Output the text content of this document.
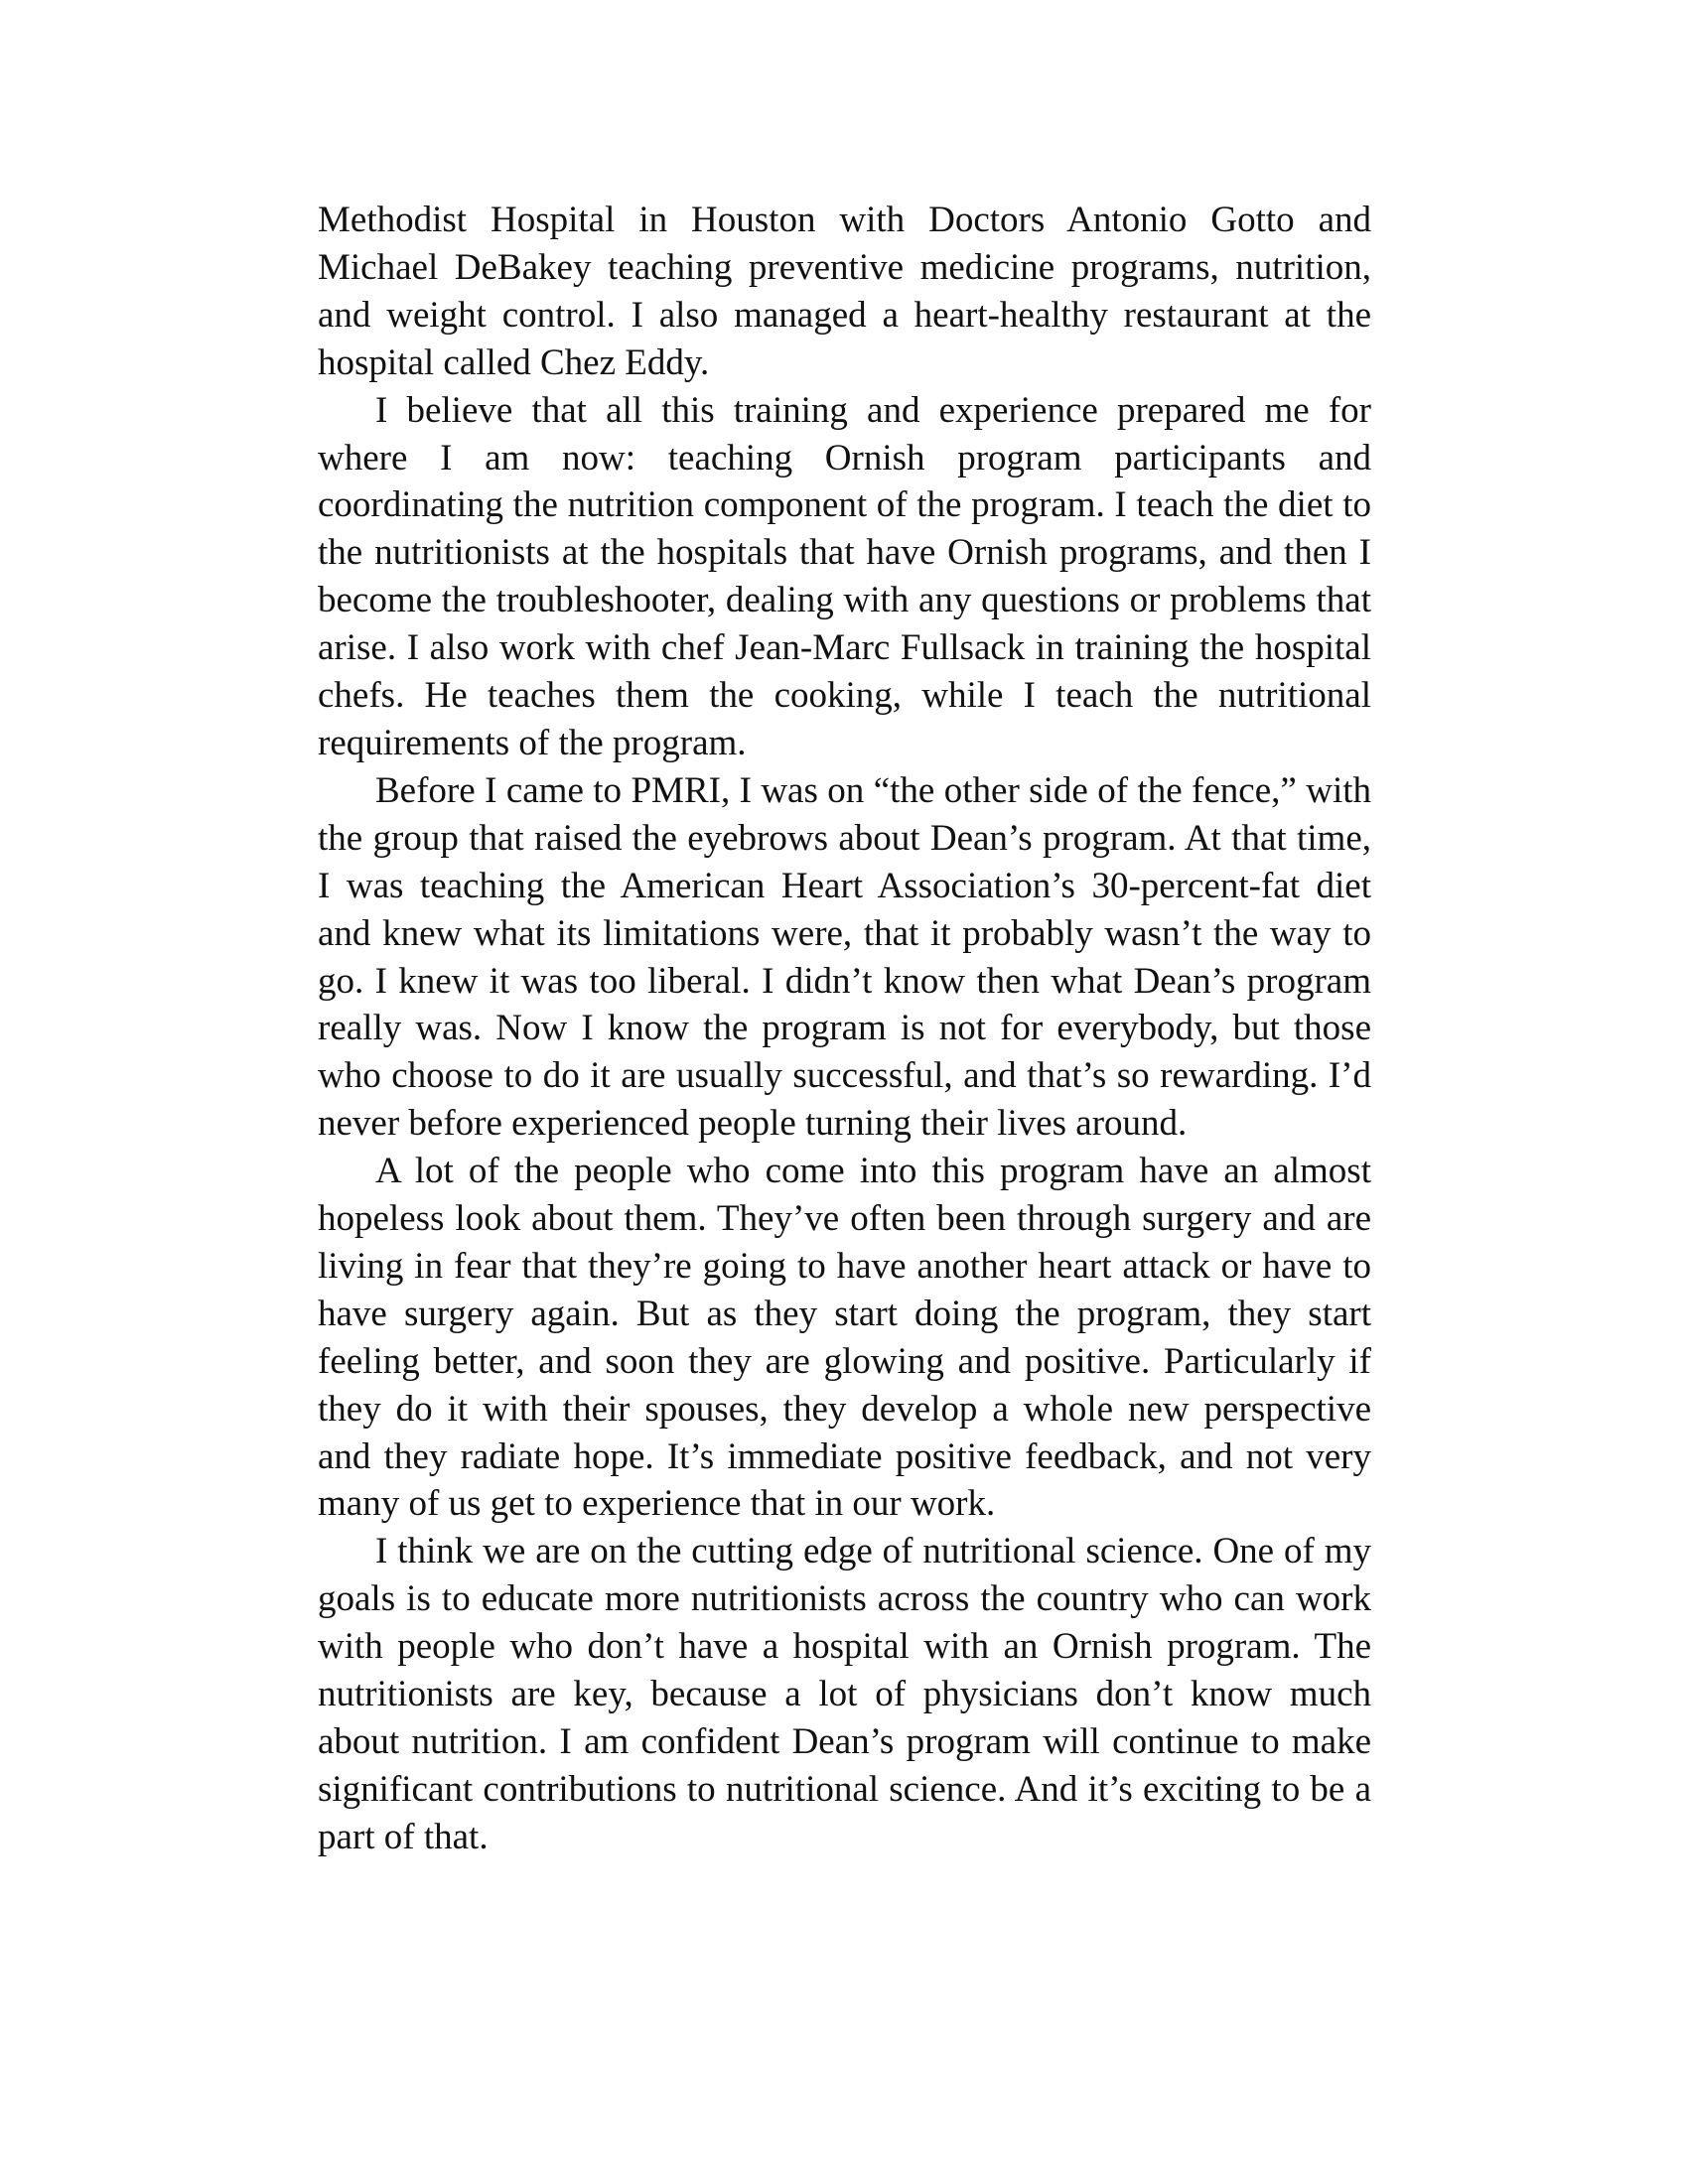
Methodist Hospital in Houston with Doctors Antonio Gotto and Michael DeBakey teaching preventive medicine programs, nutrition, and weight control. I also managed a heart-healthy restaurant at the hospital called Chez Eddy.

I believe that all this training and experience prepared me for where I am now: teaching Ornish program participants and coordinating the nutrition component of the program. I teach the diet to the nutritionists at the hospitals that have Ornish programs, and then I become the troubleshooter, dealing with any questions or problems that arise. I also work with chef Jean-Marc Fullsack in training the hospital chefs. He teaches them the cooking, while I teach the nutritional requirements of the program.

Before I came to PMRI, I was on “the other side of the fence,” with the group that raised the eyebrows about Dean’s program. At that time, I was teaching the American Heart Association’s 30-percent-fat diet and knew what its limitations were, that it probably wasn’t the way to go. I knew it was too liberal. I didn’t know then what Dean’s program really was. Now I know the program is not for everybody, but those who choose to do it are usually successful, and that’s so rewarding. I’d never before experienced people turning their lives around.

A lot of the people who come into this program have an almost hopeless look about them. They’ve often been through surgery and are living in fear that they’re going to have another heart attack or have to have surgery again. But as they start doing the program, they start feeling better, and soon they are glowing and positive. Particularly if they do it with their spouses, they develop a whole new perspective and they radiate hope. It’s immediate positive feedback, and not very many of us get to experience that in our work.

I think we are on the cutting edge of nutritional science. One of my goals is to educate more nutritionists across the country who can work with people who don’t have a hospital with an Ornish program. The nutritionists are key, because a lot of physicians don’t know much about nutrition. I am confident Dean’s program will continue to make significant contributions to nutritional science. And it’s exciting to be a part of that.
